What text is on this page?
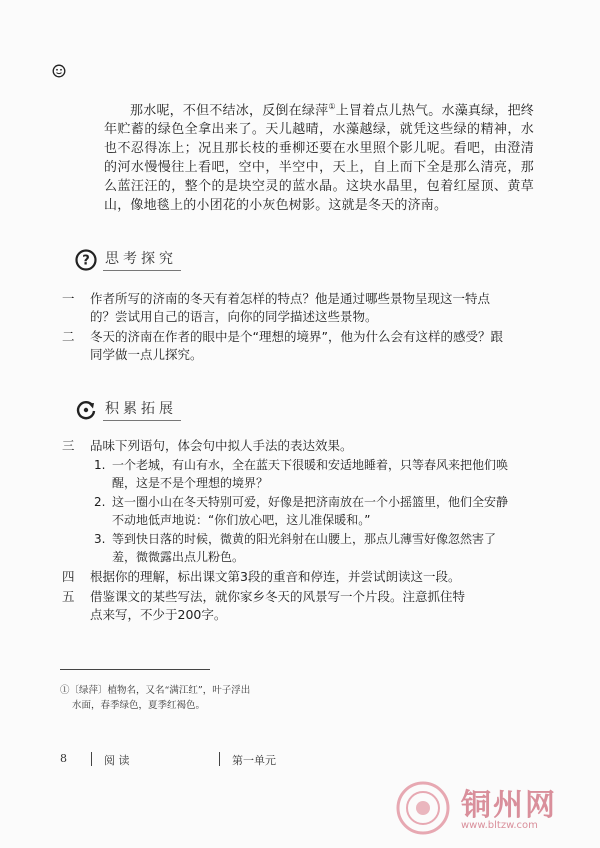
那水呢，不但不结冰，反倒在绿萍①上冒着点儿热气。水藻真绿，把终年贮蓄的绿色全拿出来了。天儿越晴，水藻越绿，就凭这些绿的精神，水也不忍得冻上；况且那长枝的垂柳还要在水里照个影儿呢。看吧，由澄清的河水慢慢往上看吧，空中，半空中，天上，自上而下全是那么清亮，那么蓝汪汪的，整个的是块空灵的蓝水晶。这块水晶里，包着红屋顶、黄草山，像地毯上的小团花的小灰色树影。这就是冬天的济南。

? 思考探究
一	作者所写的济南的冬天有着怎样的特点？他是通过哪些景物呈现这一特点的？尝试用自己的语言，向你的同学描述这些景物。
二	冬天的济南在作者的眼中是个“理想的境界”，他为什么会有这样的感受？跟同学做一点儿探究。
积累拓展
三	品味下列语句，体会句中拟人手法的表达效果。
1. 一个老城，有山有水，全在蓝天下很暖和安适地睡着，只等春风来把他们唤醒，这是不是个理想的境界？
2. 这一圈小山在冬天特别可爱，好像是把济南放在一个小摇篮里，他们全安静不动地低声地说：“你们放心吧，这儿准保暖和。”
3. 等到快日落的时候，微黄的阳光斜射在山腰上，那点儿薄雪好像忽然害了羞，微微露出点儿粉色。
四	根据你的理解，标出课文第3段的重音和停连，并尝试朗读这一段。
五	借鉴课文的某些写法，就你家乡冬天的风景写一个片段。注意抓住特点来写，不少于200字。
①〔绿萍〕植物名，又名“满江红”，叶子浮出
水面，春季绿色，夏季红褐色。
8	阅 读	第一单元
铜州网
www.bltzw.com
